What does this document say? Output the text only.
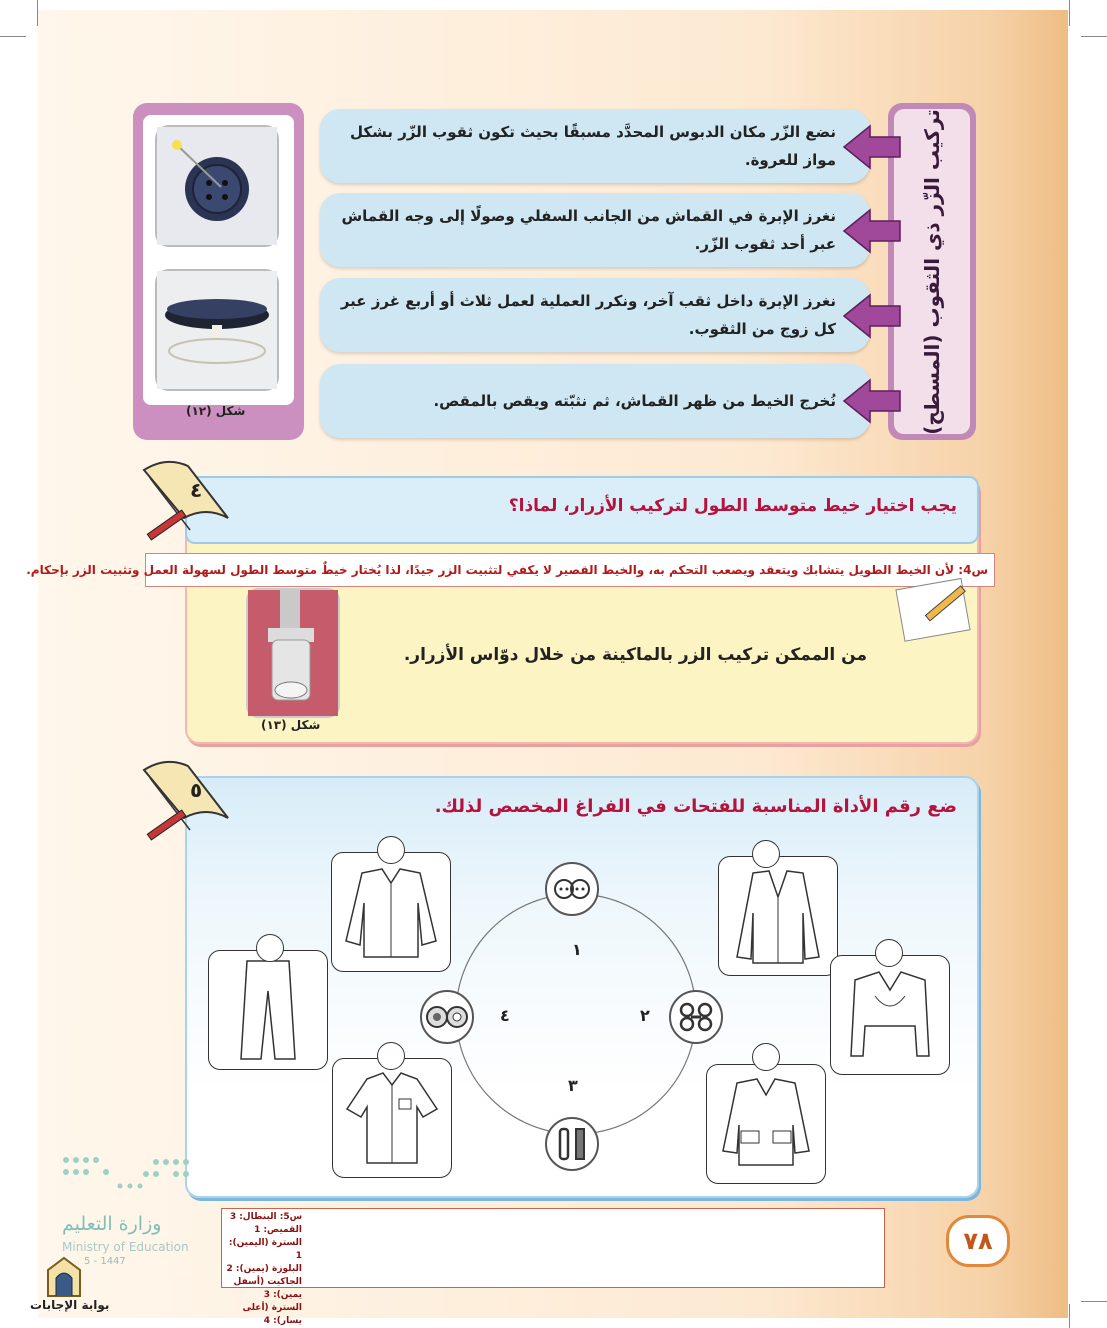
تركيب الزّر ذي الثقوب (المسطح)
نضع الزّر مكان الدبوس المحدَّد مسبقًا بحيث تكون ثقوب الزّر بشكل مواز للعروة.
نغرز الإبرة في القماش من الجانب السفلي وصولًا إلى وجه القماش عبر أحد ثقوب الزّر.
نغرز الإبرة داخل ثقب آخر، ونكرر العملية لعمل ثلاث أو أربع غرز عبر كل زوج من الثقوب.
نُخرج الخيط من ظهر القماش، ثم نثبّته ويقص بالمقص.
شكل (١٢)
يجب اختيار خيط متوسط الطول لتركيب الأزرار، لماذا؟
٤
س4: لأن الخيط الطويل يتشابك ويتعقد ويصعب التحكم به، والخيط القصير لا يكفي لتثبيت الزر جيدًا، لذا يُختار خيطٌ متوسط الطول لسهولة العمل وتثبيت الزر بإحكام.
شكل (١٣)
من الممكن تركيب الزر بالماكينة من خلال دوّاس الأزرار.
٥
ضع رقم الأداة المناسبة للفتحات في الفراغ المخصص لذلك.
١
٢
٣
٤
٧٨
س5: البنطال: 3
القميص: 1
السترة (اليمين): 1
البلوزة (يمين): 2
الجاكيت (أسفل يمين): 3
السترة (أعلى يسار): 4
وزارة التعليم
Ministry of Education
5 - 1447
بوابة الإجابات
